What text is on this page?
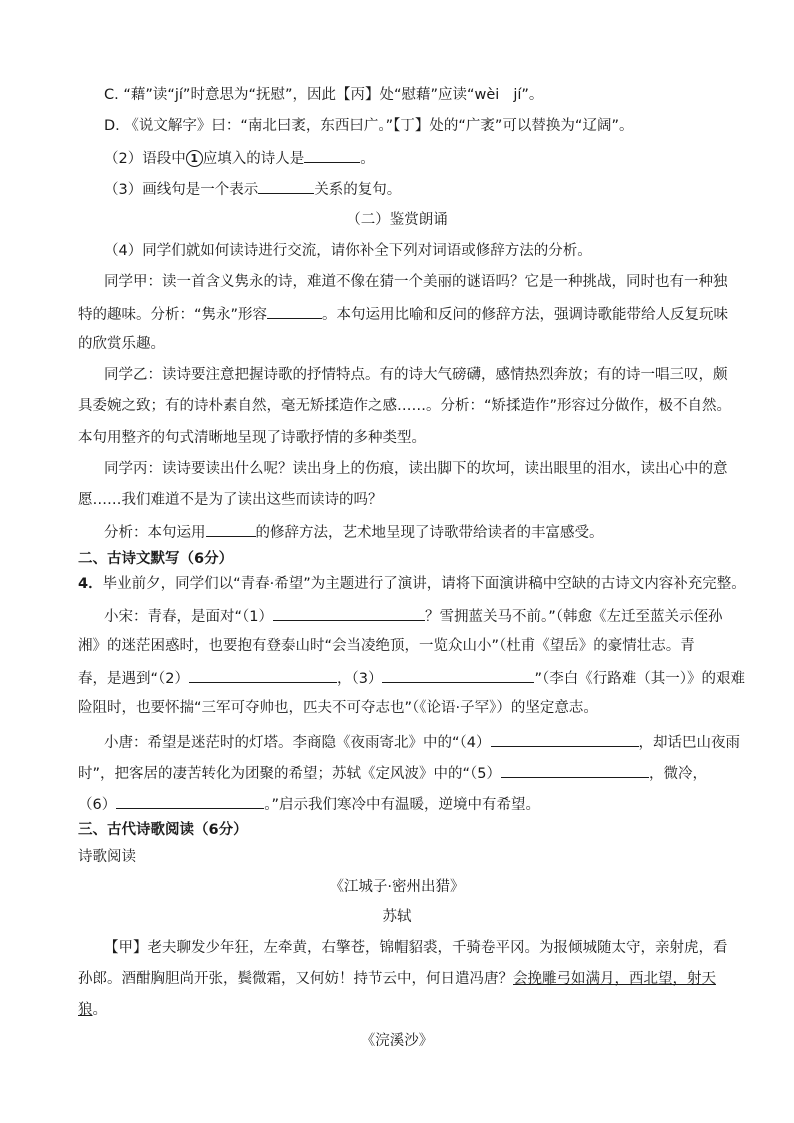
C. “藉”读“jí”时意思为“抚慰”，因此【丙】处“慰藉”应读“wèi jí”。
D. 《说文解字》曰：“南北曰袤，东西曰广。”【丁】处的“广袤”可以替换为“辽阔”。
（2）语段中 1 应填入的诗人是	。
（3）画线句是一个表示	关系的复句。
（二）鉴赏朗诵
（4）同学们就如何读诗进行交流，请你补全下列对词语或修辞方法的分析。
同学甲：读一首含义隽永的诗，难道不像在猜一个美丽的谜语吗？它是一种挑战，同时也有一种独
特的趣味。分析：“隽永”形容	。本句运用比喻和反问的修辞方法，强调诗歌能带给人反复玩味
的欣赏乐趣。
同学乙：读诗要注意把握诗歌的抒情特点。有的诗大气磅礴，感情热烈奔放；有的诗一唱三叹，颇
具委婉之致；有的诗朴素自然，毫无矫揉造作之感……。分析：“矫揉造作”形容过分做作，极不自然。
本句用整齐的句式清晰地呈现了诗歌抒情的多种类型。
同学丙：读诗要读出什么呢？读出身上的伤痕，读出脚下的坎坷，读出眼里的泪水，读出心中的意
愿……我们难道不是为了读出这些而读诗的吗？
分析：本句运用	的修辞方法，艺术地呈现了诗歌带给读者的丰富感受。
二、古诗文默写（6分）
4．毕业前夕，同学们以“青春·希望”为主题进行了演讲，请将下面演讲稿中空缺的古诗文内容补充完整。
小宋：青春，是面对“（1）	？雪拥蓝关马不前。”（韩愈《左迁至蓝关示侄孙
湘》的迷茫困惑时，也要抱有登泰山时“会当凌绝顶，一览众山小”（杜甫《望岳》的豪情壮志。青
春，是遇到“（2）	，（3）	”（李白《行路难（其一）》的艰难
险阻时，也要怀揣“三军可夺帅也，匹夫不可夺志也”（《论语·子罕》）的坚定意志。
小唐：希望是迷茫时的灯塔。李商隐《夜雨寄北》中的“（4）	，却话巴山夜雨
时”，把客居的凄苦转化为团聚的希望；苏轼《定风波》中的“（5）	，微冷，
（6）	。”启示我们寒冷中有温暖，逆境中有希望。
三、古代诗歌阅读（6分）
诗歌阅读
《江城子·密州出猎》
苏轼
【甲】老夫聊发少年狂，左牵黄，右擎苍，锦帽貂裘，千骑卷平冈。为报倾城随太守，亲射虎，看
孙郎。酒酣胸胆尚开张，鬓微霜，又何妨！持节云中，何日遣冯唐？会挽雕弓如满月，西北望，射天
狼。
《浣溪沙》
